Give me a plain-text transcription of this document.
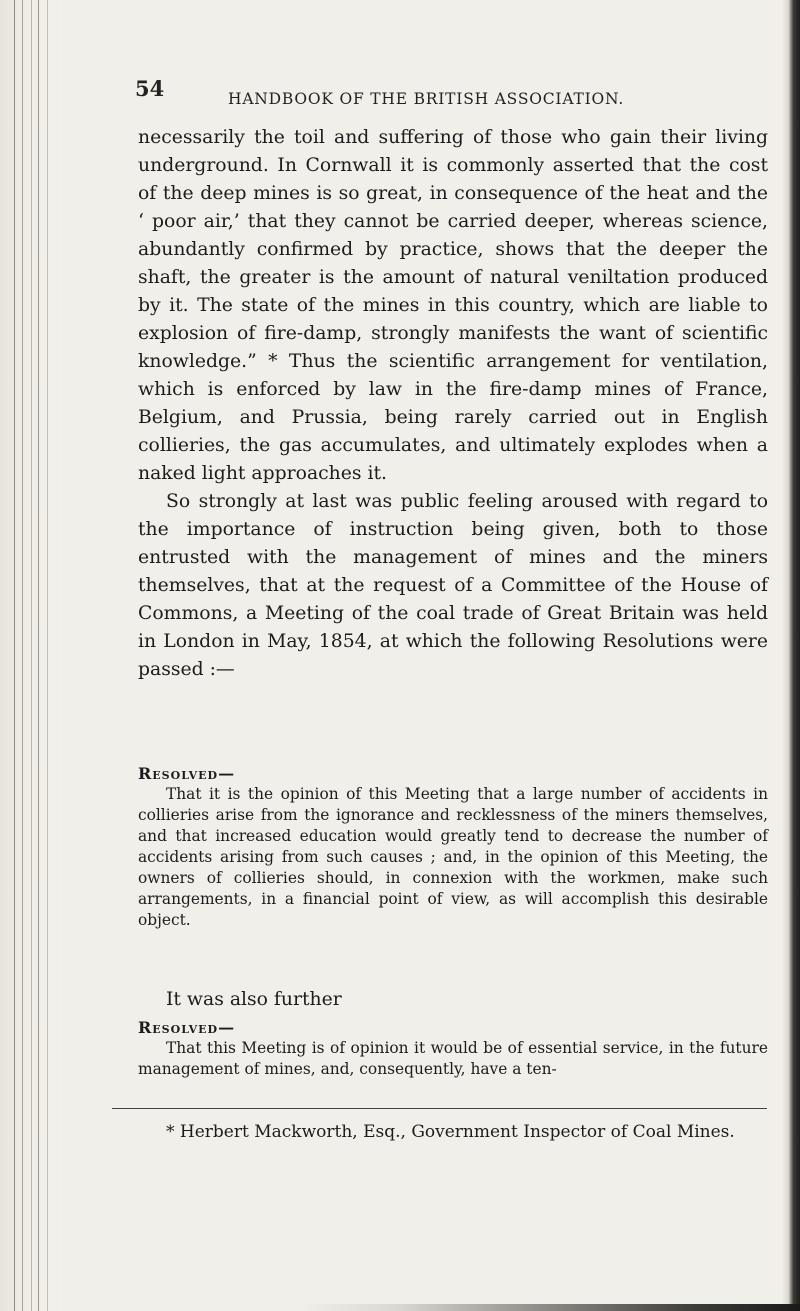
54	HANDBOOK OF THE BRITISH ASSOCIATION.

necessarily the toil and suffering of those who gain their living underground. In Cornwall it is commonly asserted that the cost of the deep mines is so great, in consequence of the heat and the ‘ poor air,’ that they cannot be carried deeper, whereas science, abundantly confirmed by practice, shows that the deeper the shaft, the greater is the amount of natural veniltation produced by it. The state of the mines in this country, which are liable to explosion of fire-damp, strongly manifests the want of scientific knowledge.” * Thus the scientific arrangement for ventilation, which is enforced by law in the fire-damp mines of France, Belgium, and Prussia, being rarely carried out in English collieries, the gas accumulates, and ultimately explodes when a naked light approaches it.

So strongly at last was public feeling aroused with regard to the importance of instruction being given, both to those entrusted with the management of mines and the miners themselves, that at the request of a Committee of the House of Commons, a Meeting of the coal trade of Great Britain was held in London in May, 1854, at which the following Resolutions were passed :—

Resolved—
That it is the opinion of this Meeting that a large number of accidents in collieries arise from the ignorance and recklessness of the miners themselves, and that increased education would greatly tend to decrease the number of accidents arising from such causes ; and, in the opinion of this Meeting, the owners of collieries should, in connexion with the workmen, make such arrangements, in a financial point of view, as will accomplish this desirable object.
It was also further
Resolved—
That this Meeting is of opinion it would be of essential service, in the future management of mines, and, consequently, have a ten-
* Herbert Mackworth, Esq., Government Inspector of Coal Mines.
